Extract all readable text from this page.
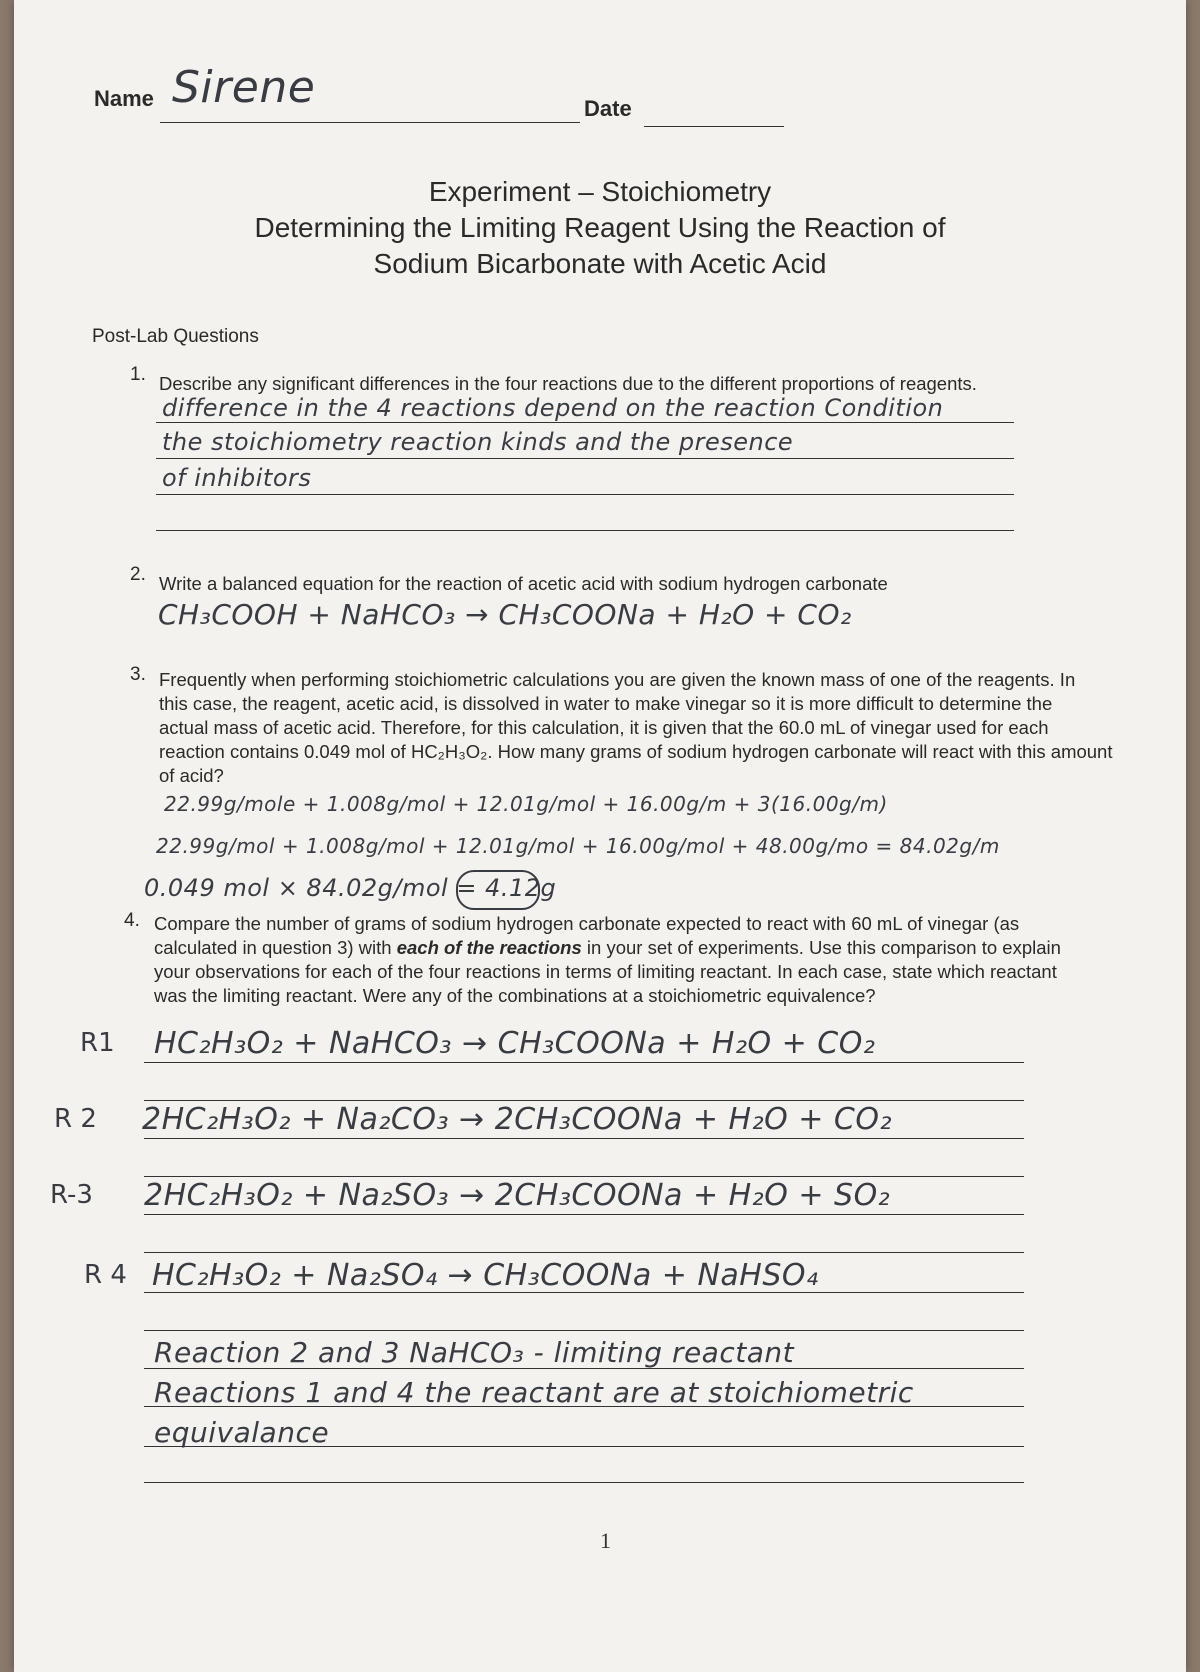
Name Sirene	Date
Experiment – Stoichiometry
Determining the Limiting Reagent Using the Reaction of
Sodium Bicarbonate with Acetic Acid
Post-Lab Questions
1. Describe any significant differences in the four reactions due to the different proportions of reagents.
difference in the 4 reactions depend on the reaction Condition
the stoichiometry reaction kinds and the presence
of inhibitors
2. Write a balanced equation for the reaction of acetic acid with sodium hydrogen carbonate
CH₃COOH + NaHCO₃ → CH₃COONa + H₂O + CO₂
3. Frequently when performing stoichiometric calculations you are given the known mass of one of the reagents. In
this case, the reagent, acetic acid, is dissolved in water to make vinegar so it is more difficult to determine the
actual mass of acetic acid. Therefore, for this calculation, it is given that the 60.0 mL of vinegar used for each
reaction contains 0.049 mol of HC₂H₃O₂. How many grams of sodium hydrogen carbonate will react with this amount
of acid?
22.99g/mole + 1.008g/mol + 12.01g/mol + 16.00g/m + 3(16.00g/m)
22.99g/mol + 1.008g/mol + 12.01g/mol + 16.00g/mol + 48.00g/mo = 84.02g/m
0.049 mol × 84.02g/mol = 4.12g
4. Compare the number of grams of sodium hydrogen carbonate expected to react with 60 mL of vinegar (as
calculated in question 3) with each of the reactions in your set of experiments. Use this comparison to explain
your observations for each of the four reactions in terms of limiting reactant. In each case, state which reactant
was the limiting reactant. Were any of the combinations at a stoichiometric equivalence?
R1 HC₂H₃O₂ + NaHCO₃ → CH₃COONa + H₂O + CO₂
R 2 2HC₂H₃O₂ + Na₂CO₃ → 2CH₃COONa + H₂O + CO₂
R-3 2HC₂H₃O₂ + Na₂SO₃ → 2CH₃COONa + H₂O + SO₂
R 4 HC₂H₃O₂ + Na₂SO₄ → CH₃COONa + NaHSO₄
Reaction 2 and 3 NaHCO₃ - limiting reactant
Reactions 1 and 4 the reactant are at stoichiometric
equivalance
1
